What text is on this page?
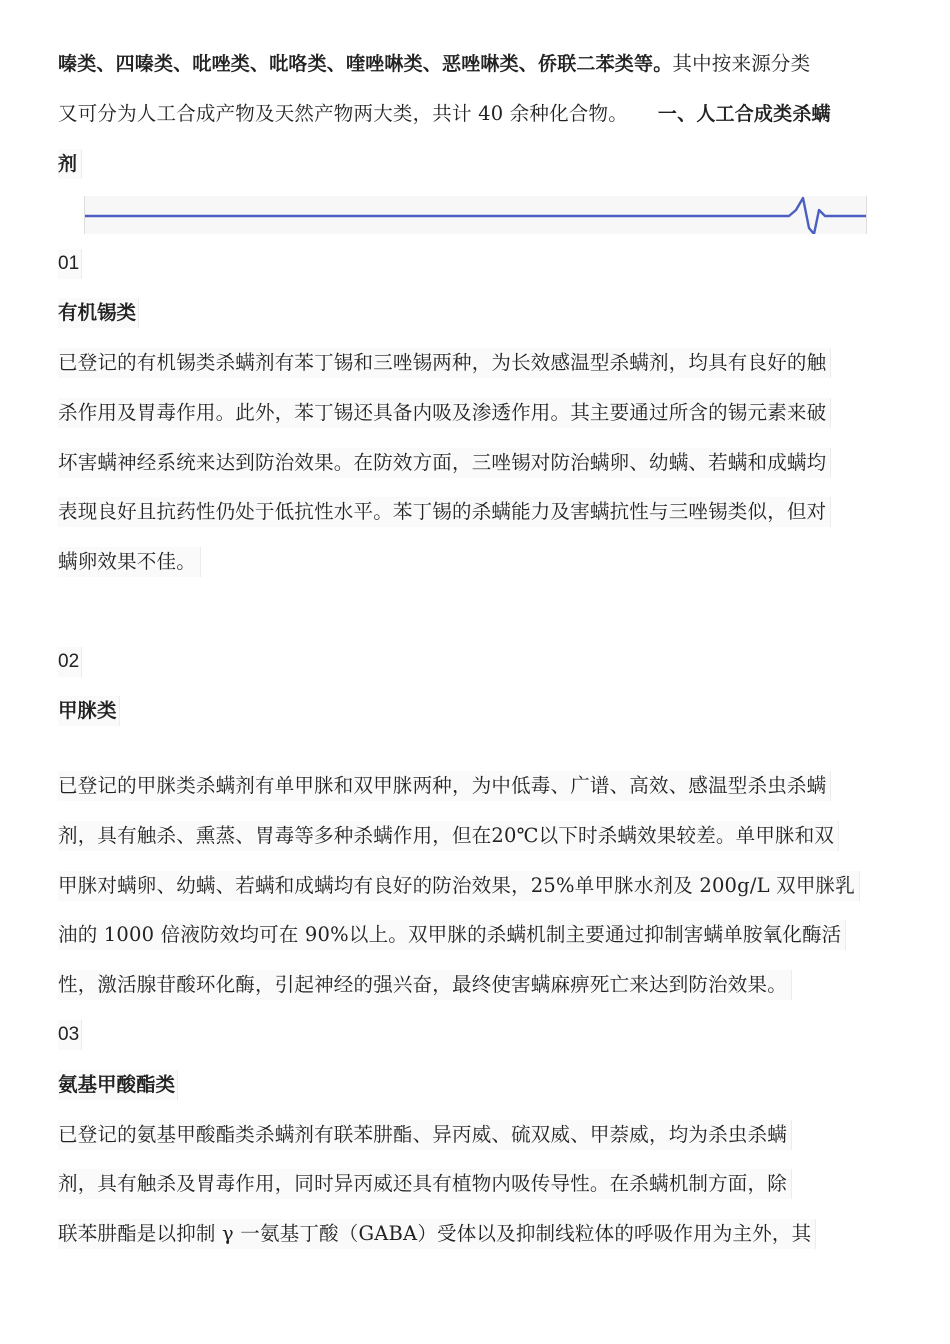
嗪类、四嗪类、吡唑类、吡咯类、喹唑啉类、恶唑啉类、侨联二苯类等。其中按来源分类
又可分为人工合成产物及天然产物两大类，共计 40 余种化合物。 一、人工合成类杀螨
剂
01
有机锡类
已登记的有机锡类杀螨剂有苯丁锡和三唑锡两种，为长效感温型杀螨剂，均具有良好的触
杀作用及胃毒作用。此外，苯丁锡还具备内吸及渗透作用。其主要通过所含的锡元素来破
坏害螨神经系统来达到防治效果。在防效方面，三唑锡对防治螨卵、幼螨、若螨和成螨均
表现良好且抗药性仍处于低抗性水平。苯丁锡的杀螨能力及害螨抗性与三唑锡类似，但对
螨卵效果不佳。
02
甲脒类
已登记的甲脒类杀螨剂有单甲脒和双甲脒两种，为中低毒、广谱、高效、感温型杀虫杀螨
剂，具有触杀、熏蒸、胃毒等多种杀螨作用，但在20℃以下时杀螨效果较差。单甲脒和双
甲脒对螨卵、幼螨、若螨和成螨均有良好的防治效果，25%单甲脒水剂及 200g/L 双甲脒乳
油的 1000 倍液防效均可在 90%以上。双甲脒的杀螨机制主要通过抑制害螨单胺氧化酶活
性，激活腺苷酸环化酶，引起神经的强兴奋，最终使害螨麻痹死亡来达到防治效果。
03
氨基甲酸酯类
已登记的氨基甲酸酯类杀螨剂有联苯肼酯、异丙威、硫双威、甲萘威，均为杀虫杀螨
剂，具有触杀及胃毒作用，同时异丙威还具有植物内吸传导性。在杀螨机制方面，除
联苯肼酯是以抑制 γ 一氨基丁酸（GABA）受体以及抑制线粒体的呼吸作用为主外，其
